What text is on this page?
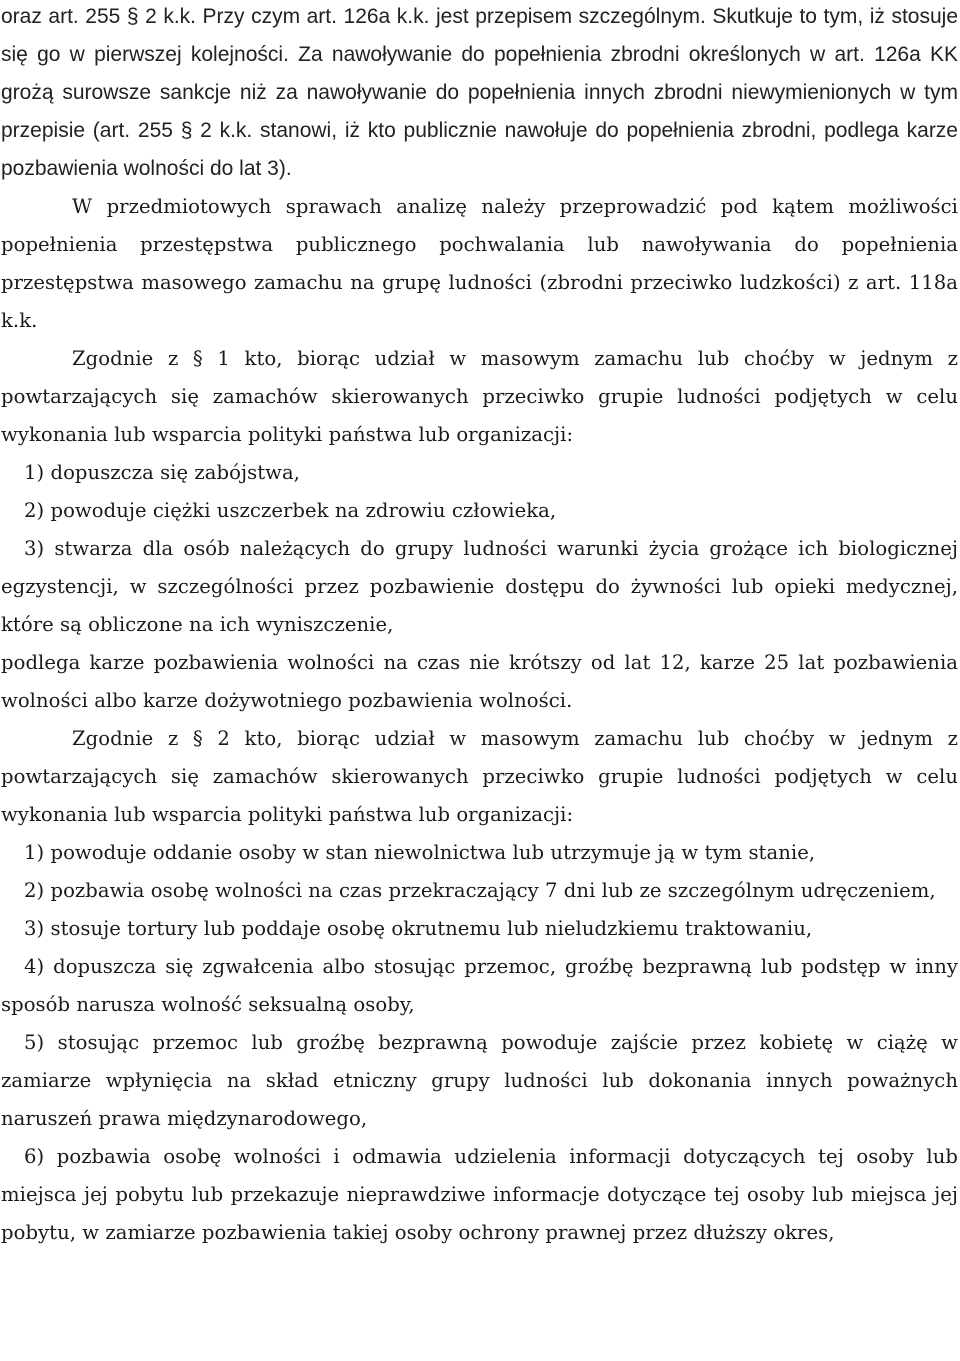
oraz art. 255 § 2 k.k. Przy czym art. 126a k.k. jest przepisem szczególnym. Skutkuje to tym, iż stosuje się go w pierwszej kolejności. Za nawoływanie do popełnienia zbrodni określonych w art. 126a KK grożą surowsze sankcje niż za nawoływanie do popełnienia innych zbrodni niewymienionych w tym przepisie (art. 255 § 2 k.k. stanowi, iż kto publicznie nawołuje do popełnienia zbrodni, podlega karze pozbawienia wolności do lat 3).

W przedmiotowych sprawach analizę należy przeprowadzić pod kątem możliwości popełnienia przestępstwa publicznego pochwalania lub nawoływania do popełnienia przestępstwa masowego zamachu na grupę ludności (zbrodni przeciwko ludzkości) z art. 118a k.k.

Zgodnie z § 1 kto, biorąc udział w masowym zamachu lub choćby w jednym z powtarzających się zamachów skierowanych przeciwko grupie ludności podjętych w celu wykonania lub wsparcia polityki państwa lub organizacji:

1) dopuszcza się zabójstwa,

2) powoduje ciężki uszczerbek na zdrowiu człowieka,

3) stwarza dla osób należących do grupy ludności warunki życia grożące ich biologicznej egzystencji, w szczególności przez pozbawienie dostępu do żywności lub opieki medycznej, które są obliczone na ich wyniszczenie,

podlega karze pozbawienia wolności na czas nie krótszy od lat 12, karze 25 lat pozbawienia wolności albo karze dożywotniego pozbawienia wolności.

Zgodnie z § 2 kto, biorąc udział w masowym zamachu lub choćby w jednym z powtarzających się zamachów skierowanych przeciwko grupie ludności podjętych w celu wykonania lub wsparcia polityki państwa lub organizacji:

1) powoduje oddanie osoby w stan niewolnictwa lub utrzymuje ją w tym stanie,

2) pozbawia osobę wolności na czas przekraczający 7 dni lub ze szczególnym udręczeniem,

3) stosuje tortury lub poddaje osobę okrutnemu lub nieludzkiemu traktowaniu,

4) dopuszcza się zgwałcenia albo stosując przemoc, groźbę bezprawną lub podstęp w inny sposób narusza wolność seksualną osoby,

5) stosując przemoc lub groźbę bezprawną powoduje zajście przez kobietę w ciążę w zamiarze wpłynięcia na skład etniczny grupy ludności lub dokonania innych poważnych naruszeń prawa międzynarodowego,

6) pozbawia osobę wolności i odmawia udzielenia informacji dotyczących tej osoby lub miejsca jej pobytu lub przekazuje nieprawdziwe informacje dotyczące tej osoby lub miejsca jej pobytu, w zamiarze pozbawienia takiej osoby ochrony prawnej przez dłuższy okres,
